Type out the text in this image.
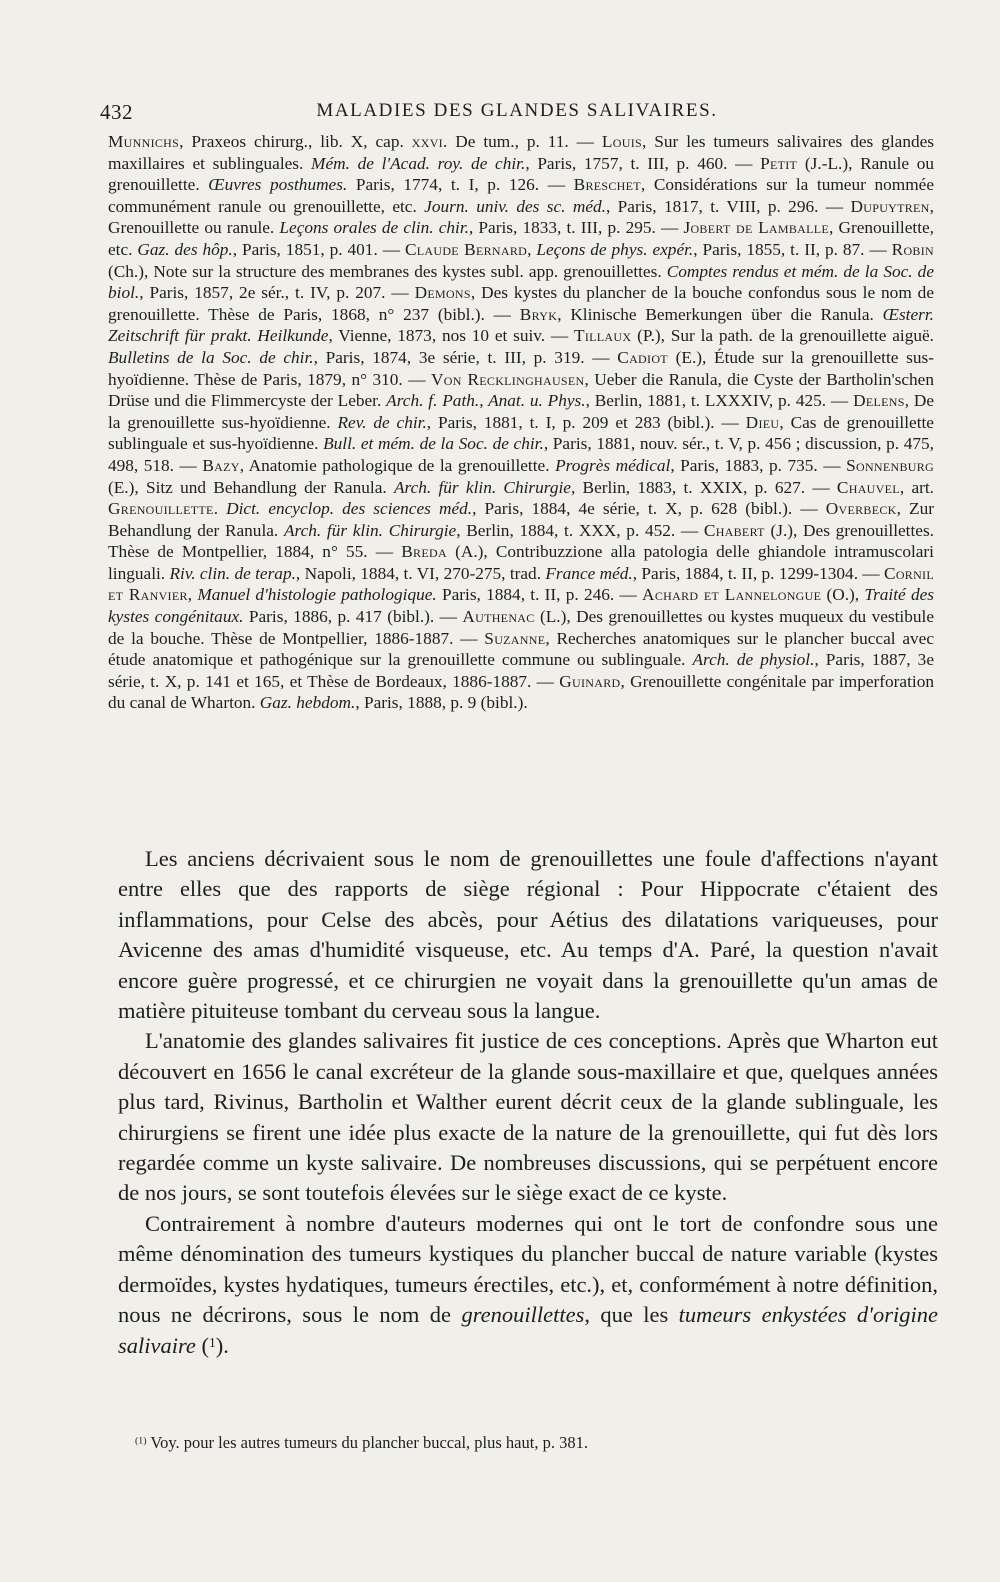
432	MALADIES DES GLANDES SALIVAIRES.

Munnichs, Praxeos chirurg., lib. X, cap. xxvi. De tum., p. 11. — Louis, Sur les tumeurs salivaires des glandes maxillaires et sublinguales. Mém. de l'Acad. roy. de chir., Paris, 1757, t. III, p. 460. — Petit (J.-L.), Ranule ou grenouillette. Œuvres posthumes. Paris, 1774, t. I, p. 126. — Breschet, Considérations sur la tumeur nommée communément ranule ou grenouillette, etc. Journ. univ. des sc. méd., Paris, 1817, t. VIII, p. 296. — Dupuytren, Grenouillette ou ranule. Leçons orales de clin. chir., Paris, 1833, t. III, p. 295. — Jobert de Lamballe, Grenouillette, etc. Gaz. des hôp., Paris, 1851, p. 401. — Claude Bernard, Leçons de phys. expér., Paris, 1855, t. II, p. 87. — Robin (Ch.), Note sur la structure des membranes des kystes subl. app. grenouillettes. Comptes rendus et mém. de la Soc. de biol., Paris, 1857, 2e sér., t. IV, p. 207. — Demons, Des kystes du plancher de la bouche confondus sous le nom de grenouillette. Thèse de Paris, 1868, n° 237 (bibl.). — Bryk, Klinische Bemerkungen über die Ranula. Œsterr. Zeitschrift für prakt. Heilkunde, Vienne, 1873, nos 10 et suiv. — Tillaux (P.), Sur la path. de la grenouillette aiguë. Bulletins de la Soc. de chir., Paris, 1874, 3e série, t. III, p. 319. — Cadiot (E.), Étude sur la grenouillette sus-hyoïdienne. Thèse de Paris, 1879, n° 310. — Von Recklinghausen, Ueber die Ranula, die Cyste der Bartholin'schen Drüse und die Flimmercyste der Leber. Arch. f. Path., Anat. u. Phys., Berlin, 1881, t. LXXXIV, p. 425. — Delens, De la grenouillette sus-hyoïdienne. Rev. de chir., Paris, 1881, t. I, p. 209 et 283 (bibl.). — Dieu, Cas de grenouillette sublinguale et sus-hyoïdienne. Bull. et mém. de la Soc. de chir., Paris, 1881, nouv. sér., t. V, p. 456 ; discussion, p. 475, 498, 518. — Bazy, Anatomie pathologique de la grenouillette. Progrès médical, Paris, 1883, p. 735. — Sonnenburg (E.), Sitz und Behandlung der Ranula. Arch. für klin. Chirurgie, Berlin, 1883, t. XXIX, p. 627. — Chauvel, art. Grenouillette. Dict. encyclop. des sciences méd., Paris, 1884, 4e série, t. X, p. 628 (bibl.). — Overbeck, Zur Behandlung der Ranula. Arch. für klin. Chirurgie, Berlin, 1884, t. XXX, p. 452. — Chabert (J.), Des grenouillettes. Thèse de Montpellier, 1884, n° 55. — Breda (A.), Contribuzzione alla patologia delle ghiandole intramuscolari linguali. Riv. clin. de terap., Napoli, 1884, t. VI, 270-275, trad. France méd., Paris, 1884, t. II, p. 1299-1304. — Cornil et Ranvier, Manuel d'histologie pathologique. Paris, 1884, t. II, p. 246. — Achard et Lannelongue (O.), Traité des kystes congénitaux. Paris, 1886, p. 417 (bibl.). — Authenac (L.), Des grenouillettes ou kystes muqueux du vestibule de la bouche. Thèse de Montpellier, 1886-1887. — Suzanne, Recherches anatomiques sur le plancher buccal avec étude anatomique et pathogénique sur la grenouillette commune ou sublinguale. Arch. de physiol., Paris, 1887, 3e série, t. X, p. 141 et 165, et Thèse de Bordeaux, 1886-1887. — Guinard, Grenouillette congénitale par imperforation du canal de Wharton. Gaz. hebdom., Paris, 1888, p. 9 (bibl.).

Les anciens décrivaient sous le nom de grenouillettes une foule d'affections n'ayant entre elles que des rapports de siège régional : Pour Hippocrate c'étaient des inflammations, pour Celse des abcès, pour Aétius des dilatations variqueuses, pour Avicenne des amas d'humidité visqueuse, etc. Au temps d'A. Paré, la question n'avait encore guère progressé, et ce chirurgien ne voyait dans la grenouillette qu'un amas de matière pituiteuse tombant du cerveau sous la langue.

L'anatomie des glandes salivaires fit justice de ces conceptions. Après que Wharton eut découvert en 1656 le canal excréteur de la glande sous-maxillaire et que, quelques années plus tard, Rivinus, Bartholin et Walther eurent décrit ceux de la glande sublinguale, les chirurgiens se firent une idée plus exacte de la nature de la grenouillette, qui fut dès lors regardée comme un kyste salivaire. De nombreuses discussions, qui se perpétuent encore de nos jours, se sont toutefois élevées sur le siège exact de ce kyste.

Contrairement à nombre d'auteurs modernes qui ont le tort de confondre sous une même dénomination des tumeurs kystiques du plancher buccal de nature variable (kystes dermoïdes, kystes hydatiques, tumeurs érectiles, etc.), et, conformément à notre définition, nous ne décrirons, sous le nom de grenouillettes, que les tumeurs enkystées d'origine salivaire ($^1$).

$^{(1)}$ Voy. pour les autres tumeurs du plancher buccal, plus haut, p. 381.
